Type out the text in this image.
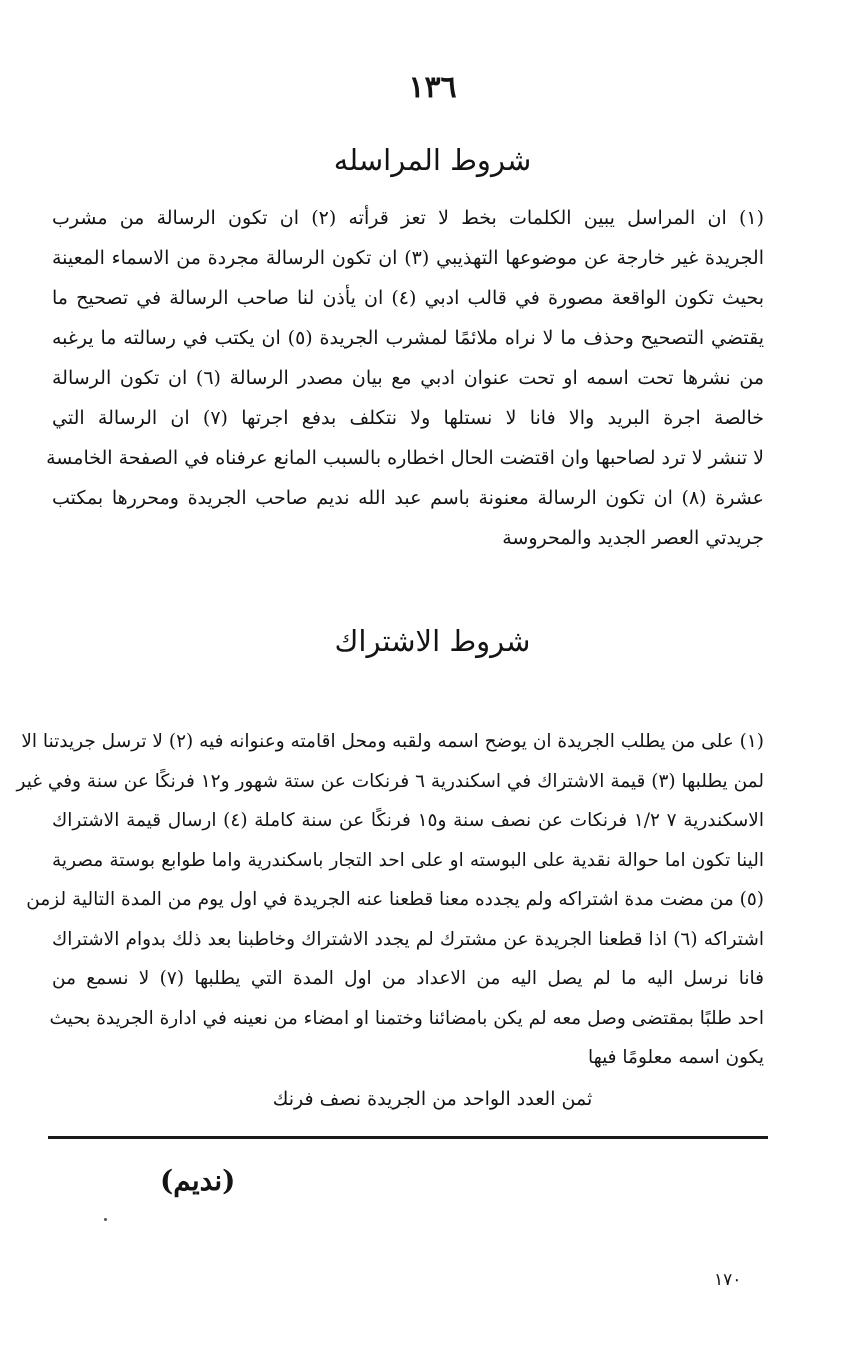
١٣٦
شروط المراسله
(١) ان المراسل يبين الكلمات بخط لا تعز قرأته (٢) ان تكون الرسالة من مشرب
الجريدة غير خارجة عن موضوعها التهذيبي (٣) ان تكون الرسالة مجردة من الاسماء المعينة
بحيث تكون الواقعة مصورة في قالب ادبي (٤) ان يأذن لنا صاحب الرسالة في تصحيح ما
يقتضي التصحيح وحذف ما لا نراه ملائمًا لمشرب الجريدة (٥) ان يكتب في رسالته ما يرغبه
من نشرها تحت اسمه او تحت عنوان ادبي مع بيان مصدر الرسالة (٦) ان تكون الرسالة
خالصة اجرة البريد والا فانا لا نستلها ولا نتكلف بدفع اجرتها (٧) ان الرسالة التي
لا تنشر لا ترد لصاحبها وان اقتضت الحال اخطاره بالسبب المانع عرفناه في الصفحة الخامسة
عشرة (٨) ان تكون الرسالة معنونة باسم عبد الله نديم صاحب الجريدة ومحررها بمكتب
جريدتي العصر الجديد والمحروسة
شروط الاشتراك
(١) على من يطلب الجريدة ان يوضح اسمه ولقبه ومحل اقامته وعنوانه فيه (٢) لا ترسل جريدتنا الا
لمن يطلبها (٣) قيمة الاشتراك في اسكندرية ٦ فرنكات عن ستة شهور و١٢ فرنكًا عن سنة وفي غير
الاسكندرية ٧ ١/٢ فرنكات عن نصف سنة و١٥ فرنكًا عن سنة كاملة (٤) ارسال قيمة الاشتراك
الينا تكون اما حوالة نقدية على البوسته او على احد التجار باسكندرية واما طوابع بوستة مصرية
(٥) من مضت مدة اشتراكه ولم يجدده معنا قطعنا عنه الجريدة في اول يوم من المدة التالية لزمن
اشتراكه (٦) اذا قطعنا الجريدة عن مشترك لم يجدد الاشتراك وخاطبنا بعد ذلك بدوام الاشتراك
فانا نرسل اليه ما لم يصل اليه من الاعداد من اول المدة التي يطلبها (٧) لا نسمع من
احد طلبًا بمقتضى وصل معه لم يكن بامضائنا وختمنا او امضاء من نعينه في ادارة الجريدة بحيث
يكون اسمه معلومًا فيها
ثمن العدد الواحد من الجريدة نصف فرنك
(نديم)
١٧٠
